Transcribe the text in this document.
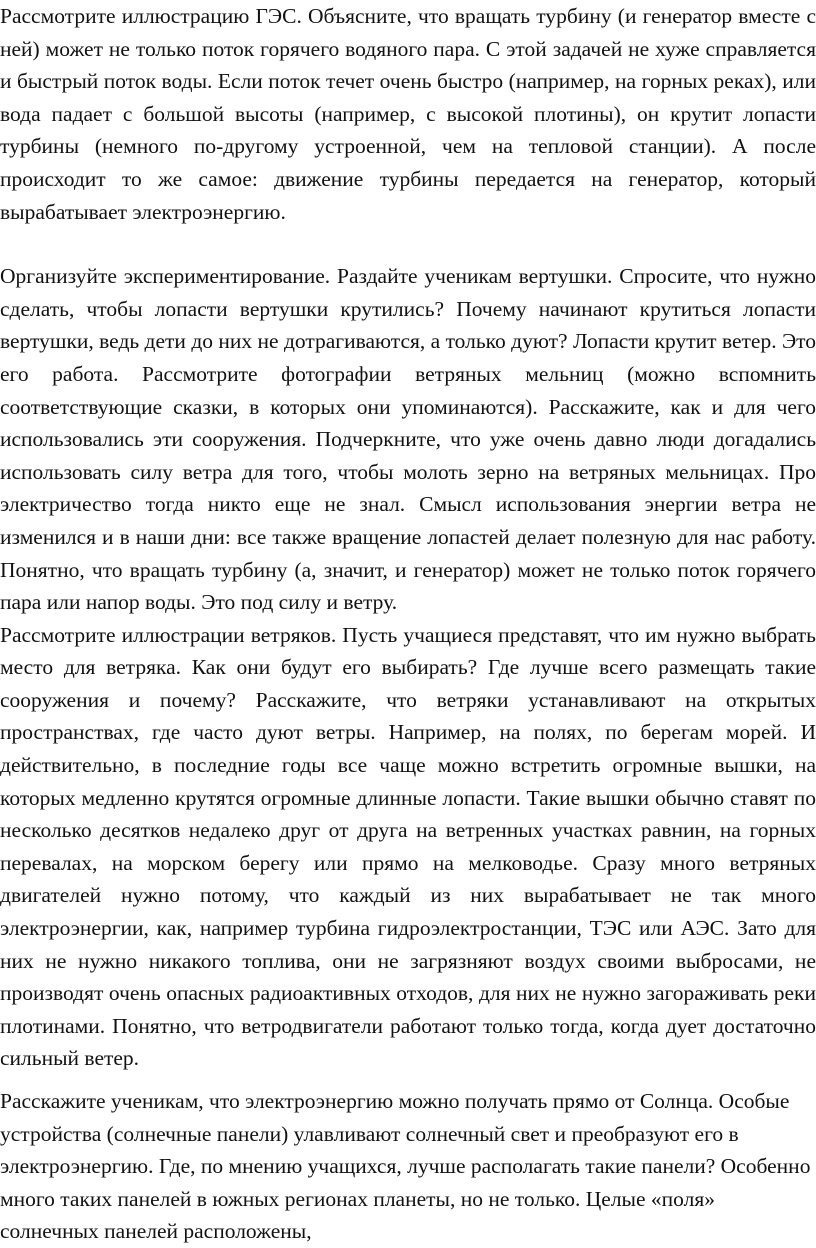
Рассмотрите иллюстрацию ГЭС. Объясните, что вращать турбину (и генератор вместе с ней) может не только поток горячего водяного пара. С этой задачей не хуже справляется и быстрый поток воды. Если поток течет очень быстро (например, на горных реках), или вода падает с большой высоты (например, с высокой плотины), он крутит лопасти турбины (немного по-другому устроенной, чем на тепловой станции). А после происходит то же самое: движение турбины передается на генератор, который вырабатывает электроэнергию.

Организуйте экспериментирование. Раздайте ученикам вертушки. Спросите, что нужно сделать, чтобы лопасти вертушки крутились? Почему начинают крутиться лопасти вертушки, ведь дети до них не дотрагиваются, а только дуют? Лопасти крутит ветер. Это его работа. Рассмотрите фотографии ветряных мельниц (можно вспомнить соответствующие сказки, в которых они упоминаются). Расскажите, как и для чего использовались эти сооружения. Подчеркните, что уже очень давно люди догадались использовать силу ветра для того, чтобы молоть зерно на ветряных мельницах. Про электричество тогда никто еще не знал. Смысл использования энергии ветра не изменился и в наши дни: все также вращение лопастей делает полезную для нас работу. Понятно, что вращать турбину (а, значит, и генератор) может не только поток горячего пара или напор воды. Это под силу и ветру.

Рассмотрите иллюстрации ветряков. Пусть учащиеся представят, что им нужно выбрать место для ветряка. Как они будут его выбирать? Где лучше всего размещать такие сооружения и почему? Расскажите, что ветряки устанавливают на открытых пространствах, где часто дуют ветры. Например, на полях, по берегам морей. И действительно, в последние годы все чаще можно встретить огромные вышки, на которых медленно крутятся огромные длинные лопасти. Такие вышки обычно ставят по несколько десятков недалеко друг от друга на ветренных участках равнин, на горных перевалах, на морском берегу или прямо на мелководье. Сразу много ветряных двигателей нужно потому, что каждый из них вырабатывает не так много электроэнергии, как, например турбина гидроэлектростанции, ТЭС или АЭС. Зато для них не нужно никакого топлива, они не загрязняют воздух своими выбросами, не производят очень опасных радиоактивных отходов, для них не нужно загораживать реки плотинами. Понятно, что ветродвигатели работают только тогда, когда дует достаточно сильный ветер.

Расскажите ученикам, что электроэнергию можно получать прямо от Солнца. Особые устройства (солнечные панели) улавливают солнечный свет и преобразуют его в электроэнергию. Где, по мнению учащихся, лучше располагать такие панели? Особенно много таких панелей в южных регионах планеты, но не только. Целые «поля» солнечных панелей расположены,
